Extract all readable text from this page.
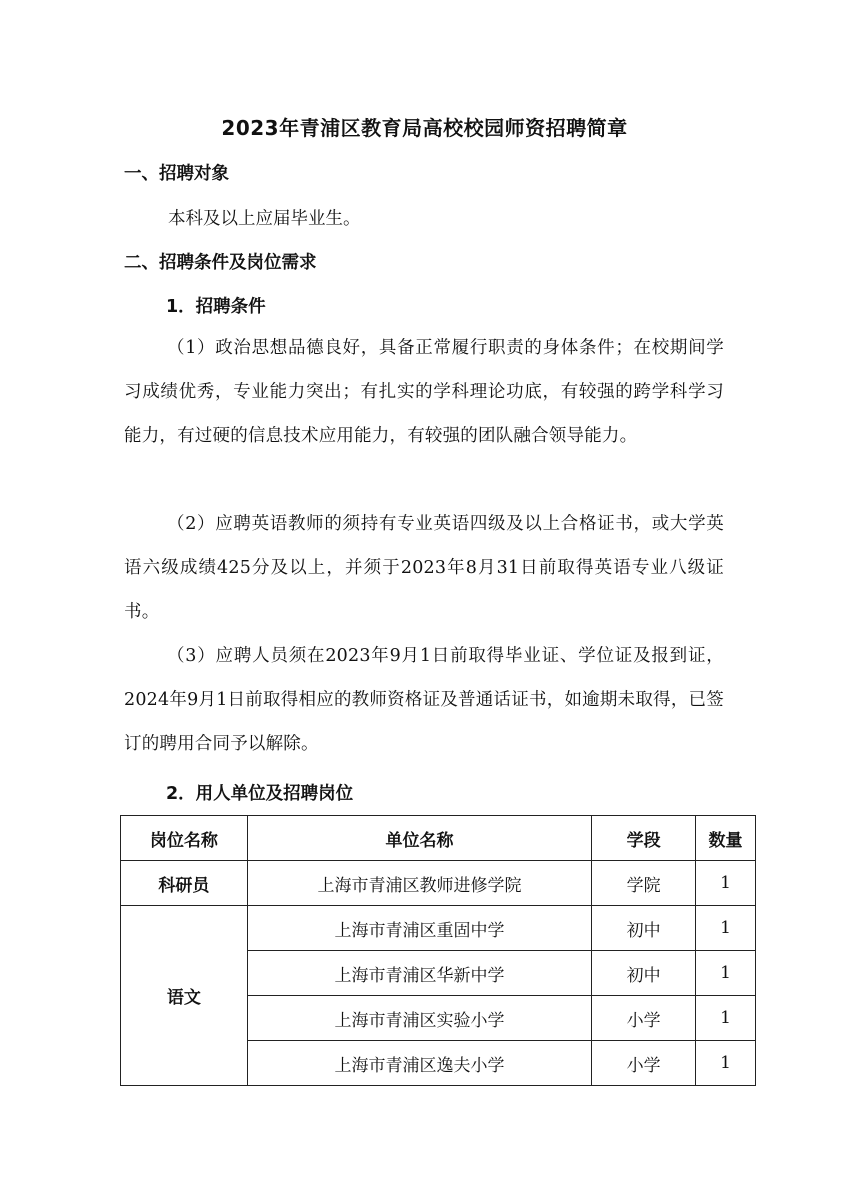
2023年青浦区教育局高校校园师资招聘简章
一、招聘对象
本科及以上应届毕业生。
二、招聘条件及岗位需求
1．招聘条件
（1）政治思想品德良好，具备正常履行职责的身体条件；在校期间学习成绩优秀，专业能力突出；有扎实的学科理论功底，有较强的跨学科学习能力，有过硬的信息技术应用能力，有较强的团队融合领导能力。
（2）应聘英语教师的须持有专业英语四级及以上合格证书，或大学英语六级成绩425分及以上，并须于2023年8月31日前取得英语专业八级证书。
（3）应聘人员须在2023年9月1日前取得毕业证、学位证及报到证，2024年9月1日前取得相应的教师资格证及普通话证书，如逾期未取得，已签订的聘用合同予以解除。
2．用人单位及招聘岗位
岗位名称	单位名称	学段	数量
科研员	上海市青浦区教师进修学院	学院	1
语文	上海市青浦区重固中学	初中	1
	上海市青浦区华新中学	初中	1
	上海市青浦区实验小学	小学	1
	上海市青浦区逸夫小学	小学	1
